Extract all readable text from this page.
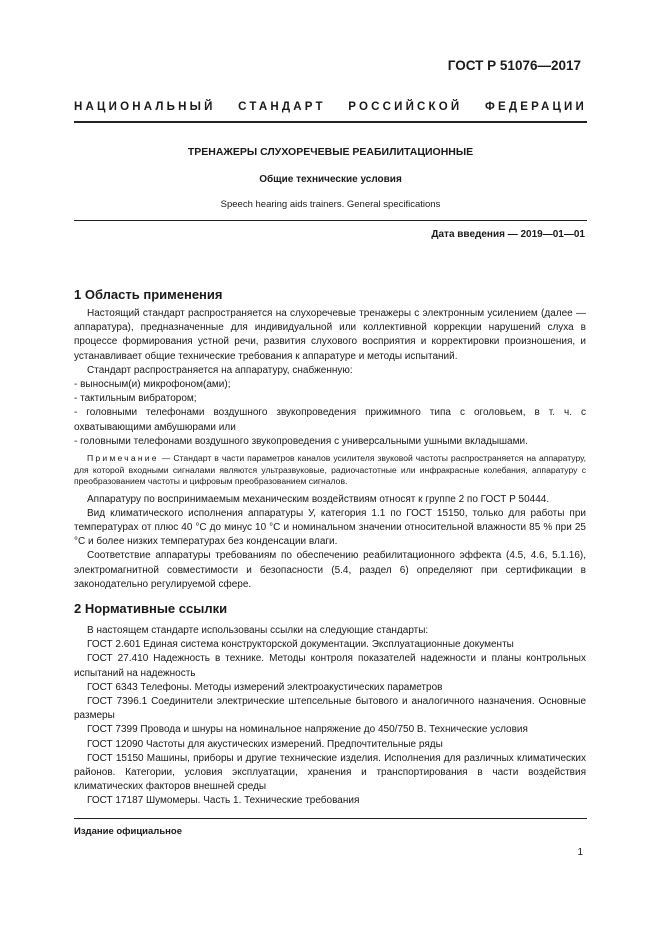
ГОСТ Р 51076—2017
НАЦИОНАЛЬНЫЙ СТАНДАРТ РОССИЙСКОЙ ФЕДЕРАЦИИ
ТРЕНАЖЕРЫ СЛУХОРЕЧЕВЫЕ РЕАБИЛИТАЦИОННЫЕ
Общие технические условия
Speech hearing aids trainers. General specifications
Дата введения — 2019—01—01
1 Область применения

Настоящий стандарт распространяется на слухоречевые тренажеры с электронным усилением (далее — аппаратура), предназначенные для индивидуальной или коллективной коррекции нарушений слуха в процессе формирования устной речи, развития слухового восприятия и корректировки произношения, и устанавливает общие технические требования к аппаратуре и методы испытаний.

Стандарт распространяется на аппаратуру, снабженную:

- выносным(и) микрофоном(ами);

- тактильным вибратором;

- головными телефонами воздушного звукопроведения прижимного типа с оголовьем, в т. ч. с охватывающими амбушюрами или

- головными телефонами воздушного звукопроведения с универсальными ушными вкладышами.

Примечание — Стандарт в части параметров каналов усилителя звуковой частоты распространяется на аппаратуру, для которой входными сигналами являются ультразвуковые, радиочастотные или инфракрасные колебания, аппаратуру с преобразованием частоты и цифровым преобразованием сигналов.

Аппаратуру по воспринимаемым механическим воздействиям относят к группе 2 по ГОСТ Р 50444.

Вид климатического исполнения аппаратуры У, категория 1.1 по ГОСТ 15150, только для работы при температурах от плюс 40 °С до минус 10 °С и номинальном значении относительной влажности 85 % при 25 °С и более низких температурах без конденсации влаги.

Соответствие аппаратуры требованиям по обеспечению реабилитационного эффекта (4.5, 4.6, 5.1.16), электромагнитной совместимости и безопасности (5.4, раздел 6) определяют при сертификации в законодательно регулируемой сфере.

2 Нормативные ссылки

В настоящем стандарте использованы ссылки на следующие стандарты:

ГОСТ 2.601 Единая система конструкторской документации. Эксплуатационные документы

ГОСТ 27.410 Надежность в технике. Методы контроля показателей надежности и планы контрольных испытаний на надежность

ГОСТ 6343 Телефоны. Методы измерений электроакустических параметров

ГОСТ 7396.1 Соединители электрические штепсельные бытового и аналогичного назначения. Основные размеры

ГОСТ 7399 Провода и шнуры на номинальное напряжение до 450/750 В. Технические условия

ГОСТ 12090 Частоты для акустических измерений. Предпочтительные ряды

ГОСТ 15150 Машины, приборы и другие технические изделия. Исполнения для различных климатических районов. Категории, условия эксплуатации, хранения и транспортирования в части воздействия климатических факторов внешней среды

ГОСТ 17187 Шумомеры. Часть 1. Технические требования

Издание официальное
1
